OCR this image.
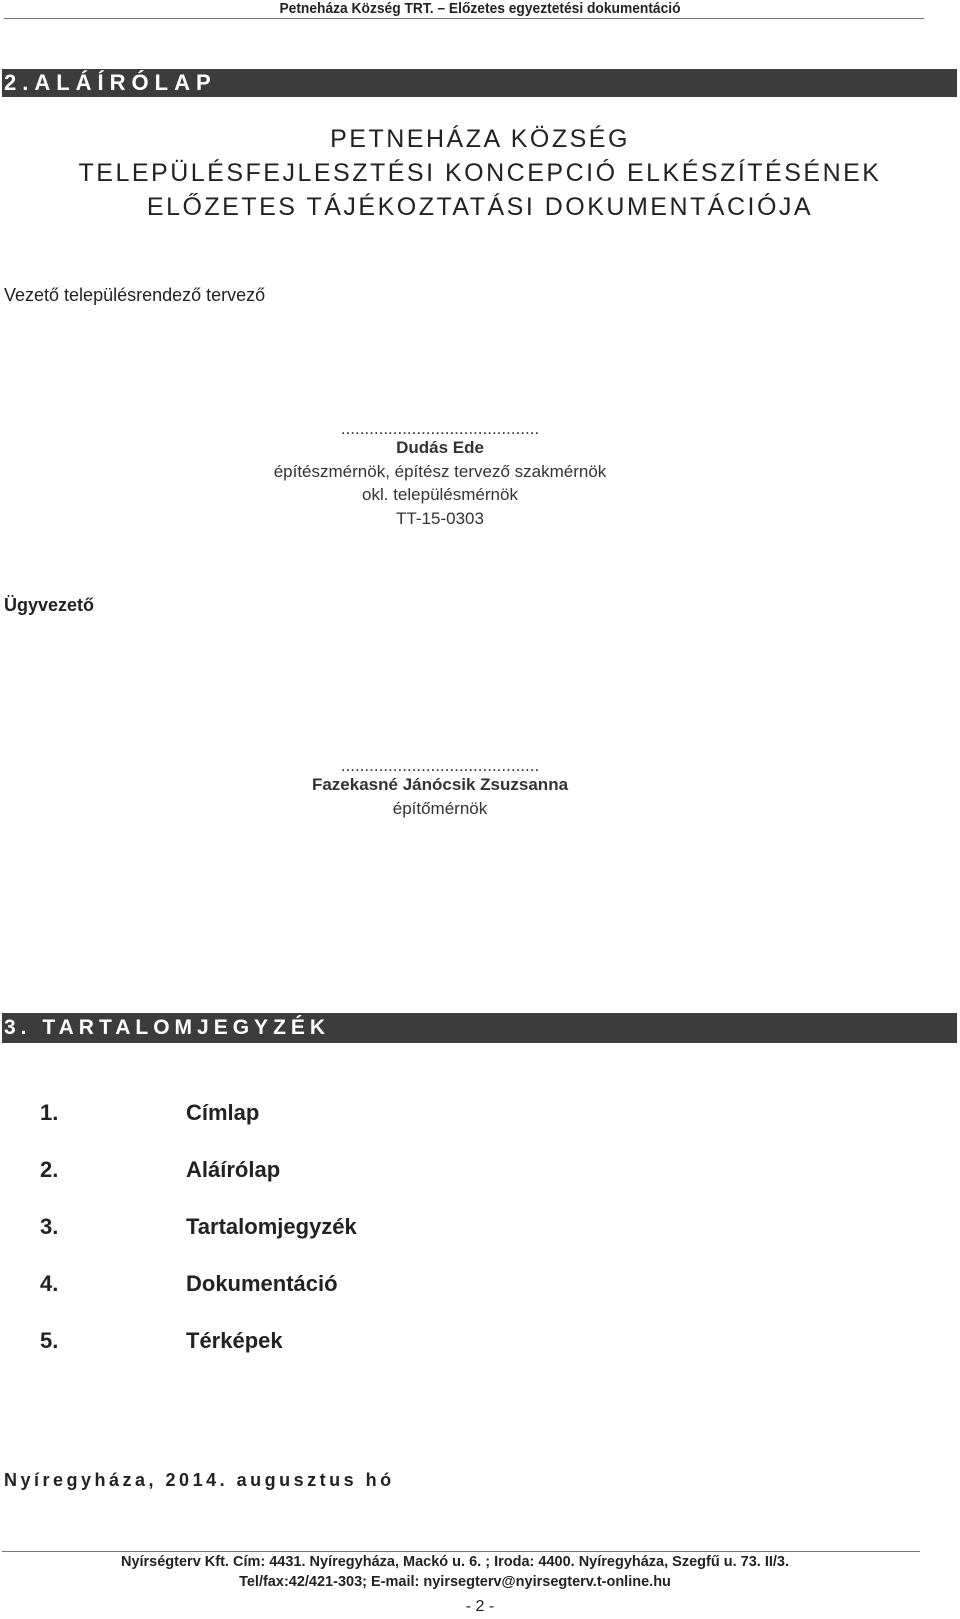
Petneháza Község TRT. – Előzetes egyeztetési dokumentáció
2.ALÁÍRÓLAP
PETNEHÁZA KÖZSÉG
TELEPÜLÉSFEJLESZTÉSI KONCEPCIÓ ELKÉSZÍTÉSÉNEK
ELŐZETES TÁJÉKOZTATÁSI DOKUMENTÁCIÓJA
Vezető településrendező tervező
..........................................
Dudás Ede
építészmérnök, építész tervező szakmérnök
okl. településmérnök
TT-15-0303
Ügyvezető
..........................................
Fazekasné Jánócsik Zsuzsanna
építőmérnök
3. TARTALOMJEGYZÉK
1.	Címlap
2.	Aláírólap
3.	Tartalomjegyzék
4.	Dokumentáció
5.	Térképek
Nyíregyháza, 2014. augusztus hó
Nyírségterv Kft. Cím: 4431. Nyíregyháza, Mackó u. 6. ; Iroda: 4400. Nyíregyháza, Szegfű u. 73. II/3.
Tel/fax:42/421-303; E-mail: nyirsegterv@nyirsegterv.t-online.hu
- 2 -
